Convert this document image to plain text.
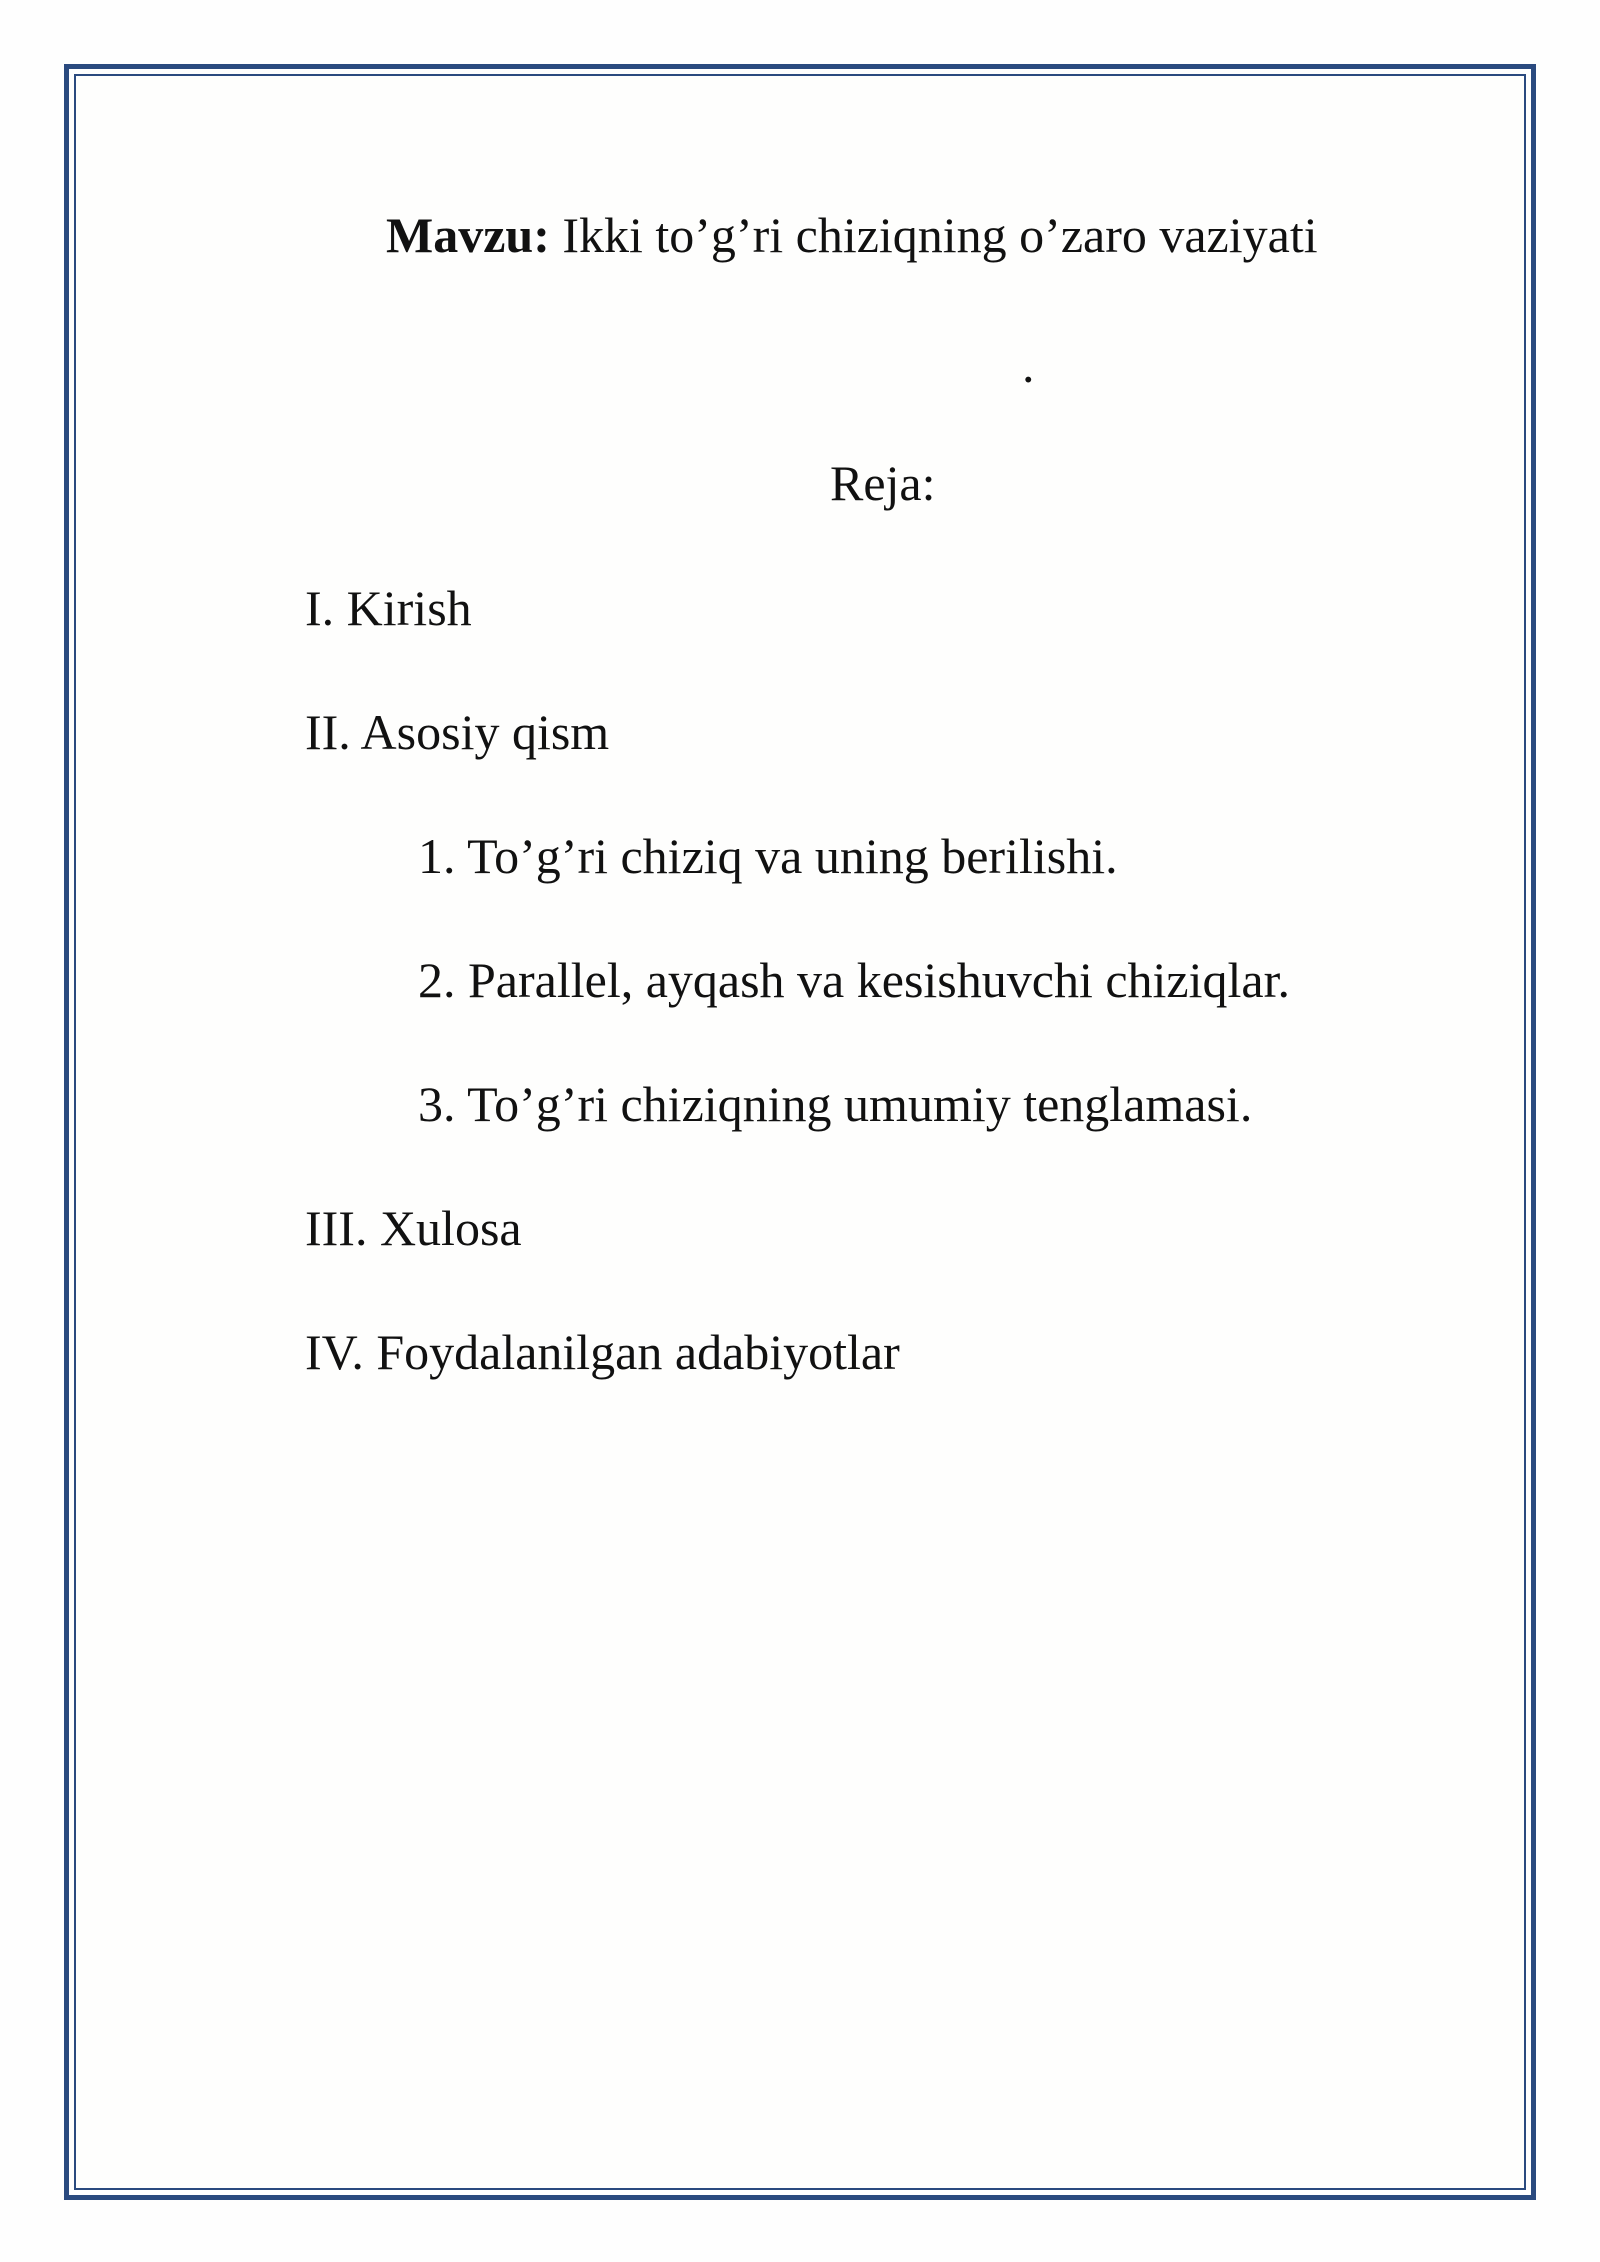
Mavzu: Ikki to’g’ri chiziqning o’zaro vaziyati
.
Reja:
I. Kirish
II. Asosiy qism
1. To’g’ri chiziq va uning berilishi.
2. Parallel, ayqash va kesishuvchi chiziqlar.
3. To’g’ri chiziqning umumiy tenglamasi.
III. Xulosa
IV. Foydalanilgan adabiyotlar
